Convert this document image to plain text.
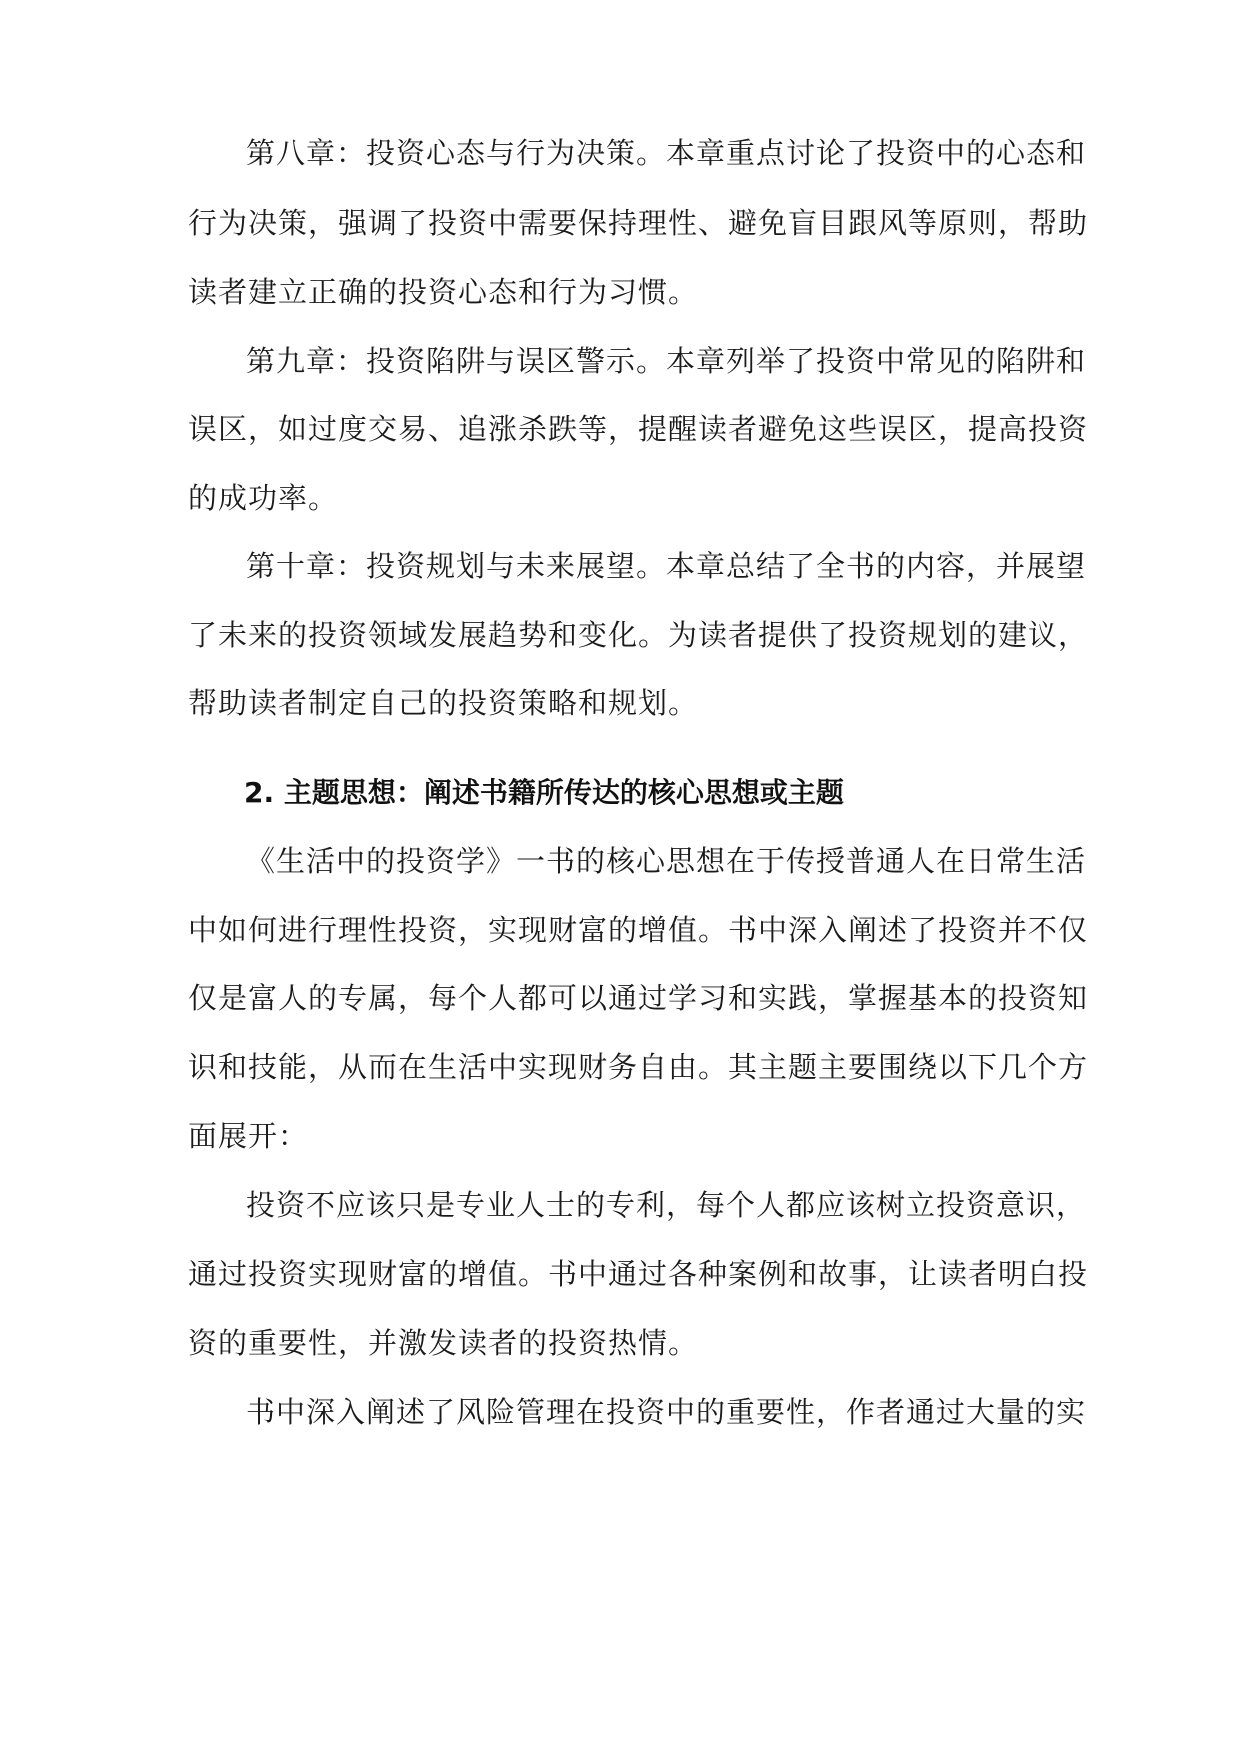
第八章：投资心态与行为决策。本章重点讨论了投资中的心态和

行为决策，强调了投资中需要保持理性、避免盲目跟风等原则，帮助

读者建立正确的投资心态和行为习惯。

第九章：投资陷阱与误区警示。本章列举了投资中常见的陷阱和

误区，如过度交易、追涨杀跌等，提醒读者避免这些误区，提高投资

的成功率。

第十章：投资规划与未来展望。本章总结了全书的内容，并展望

了未来的投资领域发展趋势和变化。为读者提供了投资规划的建议，

帮助读者制定自己的投资策略和规划。

2. 主题思想：阐述书籍所传达的核心思想或主题

《生活中的投资学》一书的核心思想在于传授普通人在日常生活

中如何进行理性投资，实现财富的增值。书中深入阐述了投资并不仅

仅是富人的专属，每个人都可以通过学习和实践，掌握基本的投资知

识和技能，从而在生活中实现财务自由。其主题主要围绕以下几个方

面展开：

投资不应该只是专业人士的专利，每个人都应该树立投资意识，

通过投资实现财富的增值。书中通过各种案例和故事，让读者明白投

资的重要性，并激发读者的投资热情。

书中深入阐述了风险管理在投资中的重要性，作者通过大量的实
